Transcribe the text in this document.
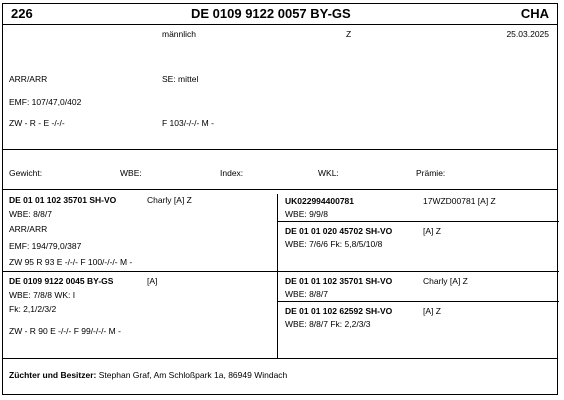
226	DE 0109 9122 0057 BY-GS	CHA
männlich	Z	25.03.2025
ARR/ARR	SE: mittel
EMF: 107/47,0/402
ZW - R - E -/-/-	F 103/-/-/- M -
Gewicht:	WBE:	Index:	WKL:	Prämie:
DE 01 01 102 35701 SH-VO	Charly [A] Z
WBE: 8/8/7
ARR/ARR
EMF: 194/79,0/387
ZW 95 R 93 E -/-/- F 100/-/-/- M -
DE 0109 9122 0045 BY-GS	[A]
WBE: 7/8/8 WK: I
Fk: 2,1/2/3/2
ZW - R 90 E -/-/- F 99/-/-/- M -
UK022994400781	17WZD00781 [A] Z
WBE: 9/9/8
DE 01 01 020 45702 SH-VO	[A] Z
WBE: 7/6/6 Fk: 5,8/5/10/8
DE 01 01 102 35701 SH-VO	Charly [A] Z
WBE: 8/8/7
DE 01 01 102 62592 SH-VO	[A] Z
WBE: 8/8/7 Fk: 2,2/3/3
Züchter und Besitzer: Stephan Graf, Am Schloßpark 1a, 86949 Windach
